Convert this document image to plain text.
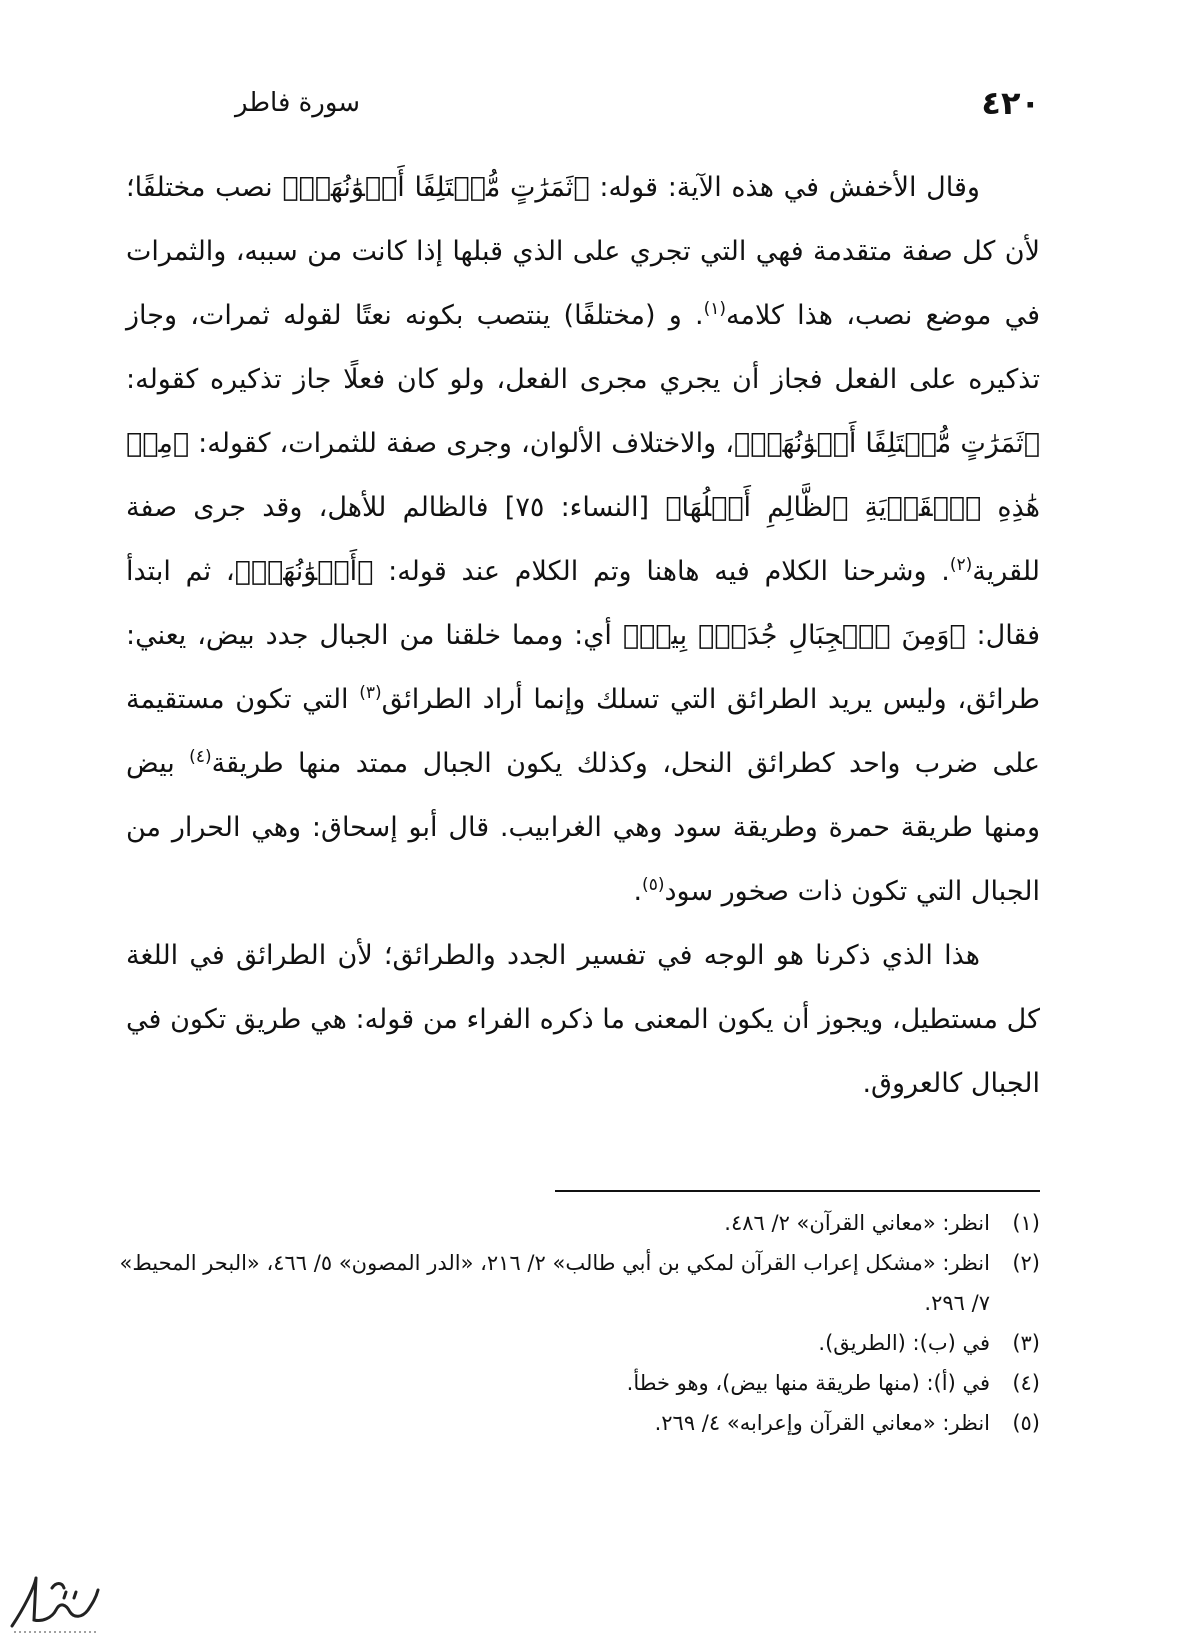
٤٢٠
سورة فاطر

وقال الأخفش في هذه الآية: قوله: ﴿ثَمَرَٰتٍ مُّخۡتَلِفًا أَلۡوَٰنُهَاۚ﴾ نصب مختلفًا؛ لأن كل صفة متقدمة فهي التي تجري على الذي قبلها إذا كانت من سببه، والثمرات في موضع نصب، هذا كلامه$^{(١)}$. و (مختلفًا) ينتصب بكونه نعتًا لقوله ثمرات، وجاز تذكيره على الفعل فجاز أن يجري مجرى الفعل، ولو كان فعلًا جاز تذكيره كقوله: ﴿ثَمَرَٰتٍ مُّخۡتَلِفًا أَلۡوَٰنُهَاۚ﴾، والاختلاف الألوان، وجرى صفة للثمرات، كقوله: ﴿مِنۡ هَٰذِهِ ٱلۡقَرۡيَةِ ٱلظَّالِمِ أَهۡلُهَا﴾ [النساء: ٧٥] فالظالم للأهل، وقد جرى صفة للقرية$^{(٢)}$. وشرحنا الكلام فيه هاهنا وتم الكلام عند قوله: ﴿أَلۡوَٰنُهَاۚ﴾، ثم ابتدأ فقال: ﴿وَمِنَ ٱلۡجِبَالِ جُدَدُۢ بِيضٞ﴾ أي: ومما خلقنا من الجبال جدد بيض، يعني: طرائق، وليس يريد الطرائق التي تسلك وإنما أراد الطرائق$^{(٣)}$ التي تكون مستقيمة على ضرب واحد كطرائق النحل، وكذلك يكون الجبال ممتد منها طريقة$^{(٤)}$ بيض ومنها طريقة حمرة وطريقة سود وهي الغرابيب. قال أبو إسحاق: وهي الحرار من الجبال التي تكون ذات صخور سود$^{(٥)}$.

هذا الذي ذكرنا هو الوجه في تفسير الجدد والطرائق؛ لأن الطرائق في اللغة كل مستطيل، ويجوز أن يكون المعنى ما ذكره الفراء من قوله: هي طريق تكون في الجبال كالعروق.

(١)
انظر: «معاني القرآن» ٢/ ٤٨٦.
(٢)
انظر: «مشكل إعراب القرآن لمكي بن أبي طالب» ٢/ ٢١٦، «الدر المصون» ٥/ ٤٦٦، «البحر المحيط» ٧/ ٢٩٦.
(٣)
في (ب): (الطريق).
(٤)
في (أ): (منها طريقة منها بيض)، وهو خطأ.
(٥)
انظر: «معاني القرآن وإعرابه» ٤/ ٢٦٩.
